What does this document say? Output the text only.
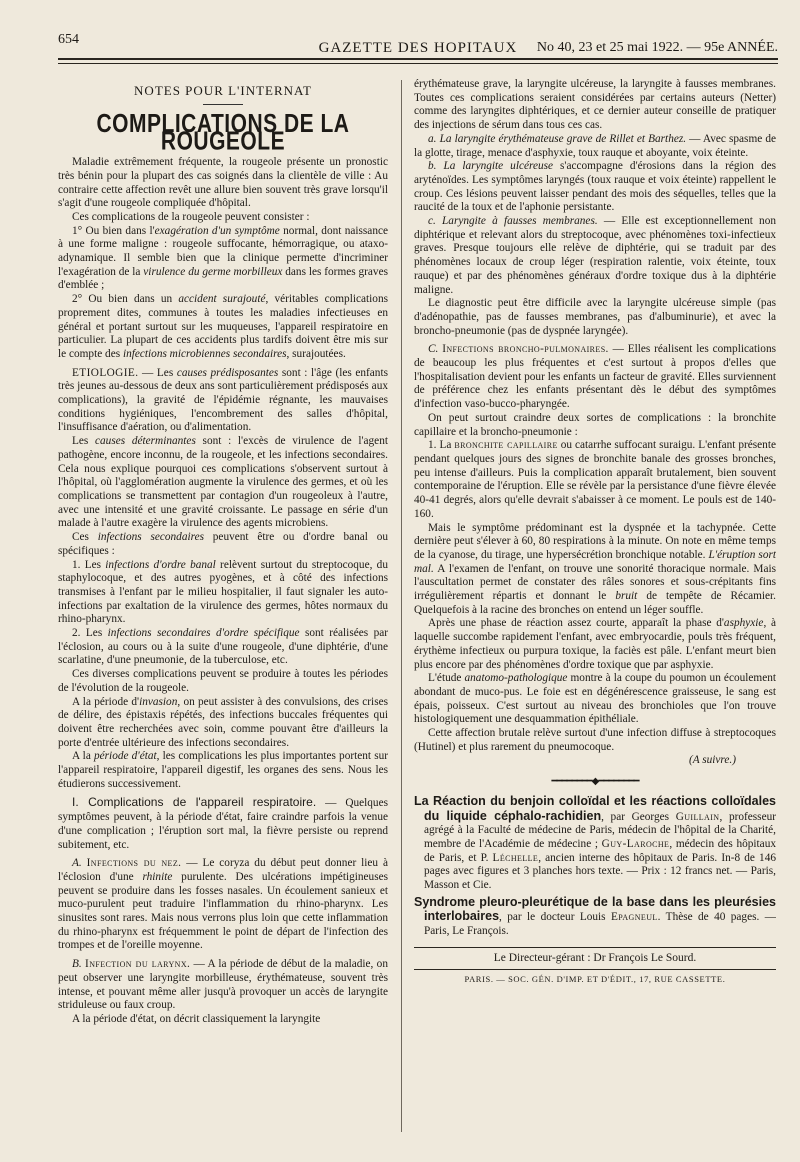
654
GAZETTE DES HOPITAUX	No 40, 23 et 25 mai 1922. — 95e ANNÉE.

NOTES POUR L'INTERNAT

COMPLICATIONS DE LA ROUGEOLE

Maladie extrêmement fréquente, la rougeole présente un pronostic très bénin pour la plupart des cas soignés dans la clientèle de ville : Au contraire cette affection revêt une allure bien souvent très grave lorsqu'il s'agit d'une rougeole compliquée d'hôpital.

Ces complications de la rougeole peuvent consister :

1° Ou bien dans l'exagération d'un symptôme normal, dont naissance à une forme maligne : rougeole suffocante, hémorragique, ou ataxo-adynamique. Il semble bien que la clinique permette d'incriminer l'exagération de la virulence du germe morbilleux dans les formes graves d'emblée ;

2° Ou bien dans un accident surajouté, véritables complications proprement dites, communes à toutes les maladies infectieuses en général et portant surtout sur les muqueuses, l'appareil respiratoire en particulier. La plupart de ces accidents plus tardifs doivent être mis sur le compte des infections microbiennes secondaires, surajoutées.

ETIOLOGIE. — Les causes prédisposantes sont : l'âge (les enfants très jeunes au-dessous de deux ans sont particulièrement prédisposés aux complications), la gravité de l'épidémie régnante, les mauvaises conditions hygiéniques, l'encombrement des salles d'hôpital, l'insuffisance d'aération, ou d'alimentation.

Les causes déterminantes sont : l'excès de virulence de l'agent pathogène, encore inconnu, de la rougeole, et les infections secondaires. Cela nous explique pourquoi ces complications s'observent surtout à l'hôpital, où l'agglomération augmente la virulence des germes, et où les complications se transmettent par contagion d'un rougeoleux à l'autre, avec une intensité et une gravité croissante. Le passage en série d'un malade à l'autre exagère la virulence des agents microbiens.

Ces infections secondaires peuvent être ou d'ordre banal ou spécifiques :

1. Les infections d'ordre banal relèvent surtout du streptocoque, du staphylocoque, et des autres pyogènes, et à côté des infections transmises à l'enfant par le milieu hospitalier, il faut signaler les auto-infections par exaltation de la virulence des germes, hôtes normaux du rhino-pharynx.

2. Les infections secondaires d'ordre spécifique sont réalisées par l'éclosion, au cours ou à la suite d'une rougeole, d'une diphtérie, d'une scarlatine, d'une pneumonie, de la tuberculose, etc.

Ces diverses complications peuvent se produire à toutes les périodes de l'évolution de la rougeole.

A la période d'invasion, on peut assister à des convulsions, des crises de délire, des épistaxis répétés, des infections buccales fréquentes qui doivent être recherchées avec soin, comme pouvant être d'ailleurs la porte d'entrée ultérieure des infections secondaires.

A la période d'état, les complications les plus importantes portent sur l'appareil respiratoire, l'appareil digestif, les organes des sens. Nous les étudierons successivement.

I. Complications de l'appareil respiratoire. — Quelques symptômes peuvent, à la période d'état, faire craindre parfois la venue d'une complication ; l'éruption sort mal, la fièvre persiste ou reprend subitement, etc.

A. Infections du nez. — Le coryza du début peut donner lieu à l'éclosion d'une rhinite purulente. Des ulcérations impétigineuses peuvent se produire dans les fosses nasales. Un écoulement sanieux et muco-purulent peut traduire l'inflammation du rhino-pharynx. Les sinusites sont rares. Mais nous verrons plus loin que cette inflammation du rhino-pharynx est fréquemment le point de départ de l'infection des trompes et de l'oreille moyenne.

B. Infection du larynx. — A la période de début de la maladie, on peut observer une laryngite morbilleuse, érythémateuse, souvent très intense, et pouvant même aller jusqu'à provoquer un accès de laryngite striduleuse ou faux croup.

A la période d'état, on décrit classiquement la laryngite

érythémateuse grave, la laryngite ulcéreuse, la laryngite à fausses membranes. Toutes ces complications seraient considérées par certains auteurs (Netter) comme des laryngites diphtériques, et ce dernier auteur conseille de pratiquer des injections de sérum dans tous ces cas.

a. La laryngite érythémateuse grave de Rillet et Barthez. — Avec spasme de la glotte, tirage, menace d'asphyxie, toux rauque et aboyante, voix éteinte.

b. La laryngite ulcéreuse s'accompagne d'érosions dans la région des aryténoïdes. Les symptômes laryngés (toux rauque et voix éteinte) rappellent le croup. Ces lésions peuvent laisser pendant des mois des séquelles, telles que la raucité de la toux et de l'aphonie persistante.

c. Laryngite à fausses membranes. — Elle est exceptionnellement non diphtérique et relevant alors du streptocoque, avec phénomènes toxi-infectieux graves. Presque toujours elle relève de diphtérie, qui se traduit par des phénomènes locaux de croup léger (respiration ralentie, voix éteinte, toux rauque) et par des phénomènes généraux d'ordre toxique dus à la diphtérie maligne.

Le diagnostic peut être difficile avec la laryngite ulcéreuse simple (pas d'adénopathie, pas de fausses membranes, pas d'albuminurie), et avec la broncho-pneumonie (pas de dyspnée laryngée).

C. Infections broncho-pulmonaires. — Elles réalisent les complications de beaucoup les plus fréquentes et c'est surtout à propos d'elles que l'hospitalisation devient pour les enfants un facteur de gravité. Elles surviennent de préférence chez les enfants présentant dès le début des symptômes d'infection vaso-bucco-pharyngée.

On peut surtout craindre deux sortes de complications : la bronchite capillaire et la broncho-pneumonie :

1. La bronchite capillaire ou catarrhe suffocant suraigu. L'enfant présente pendant quelques jours des signes de bronchite banale des grosses bronches, peu intense d'ailleurs. Puis la complication apparaît brutalement, bien souvent contemporaine de l'éruption. Elle se révèle par la persistance d'une fièvre élevée 40-41 degrés, alors qu'elle devrait s'abaisser à ce moment. Le pouls est de 140-160.

Mais le symptôme prédominant est la dyspnée et la tachypnée. Cette dernière peut s'élever à 60, 80 respirations à la minute. On note en même temps de la cyanose, du tirage, une hypersécrétion bronchique notable. L'éruption sort mal. A l'examen de l'enfant, on trouve une sonorité thoracique normale. Mais l'auscultation permet de constater des râles sonores et sous-crépitants fins irrégulièrement répartis et donnant le bruit de tempête de Récamier. Quelquefois à la racine des bronches on entend un léger souffle.

Après une phase de réaction assez courte, apparaît la phase d'asphyxie, à laquelle succombe rapidement l'enfant, avec embryocardie, pouls très fréquent, érythème infectieux ou purpura toxique, la faciès est pâle. L'enfant meurt bien plus encore par des phénomènes d'ordre toxique que par asphyxie.

L'étude anatomo-pathologique montre à la coupe du poumon un écoulement abondant de muco-pus. Le foie est en dégénérescence graisseuse, le sang est épais, poisseux. C'est surtout au niveau des bronchioles que l'on trouve histologiquement une desquammation épithéliale.

Cette affection brutale relève surtout d'une infection diffuse à streptocoques (Hutinel) et plus rarement du pneumocoque.

(A suivre.)

━━━━━━━━◆━━━━━━━━

La Réaction du benjoin colloïdal et les réactions colloïdales du liquide céphalo-rachidien, par Georges Guillain, professeur agrégé à la Faculté de médecine de Paris, médecin de l'hôpital de la Charité, membre de l'Académie de médecine ; Guy-Laroche, médecin des hôpitaux de Paris, et P. Léchelle, ancien interne des hôpitaux de Paris. In-8 de 146 pages avec figures et 3 planches hors texte. — Prix : 12 francs net. — Paris, Masson et Cie.

Syndrome pleuro-pleurétique de la base dans les pleurésies interlobaires, par le docteur Louis Epagneul. Thèse de 40 pages. — Paris, Le François.

Le Directeur-gérant : Dr François Le Sourd.

PARIS. — SOC. GÉN. D'IMP. ET D'ÉDIT., 17, RUE CASSETTE.
